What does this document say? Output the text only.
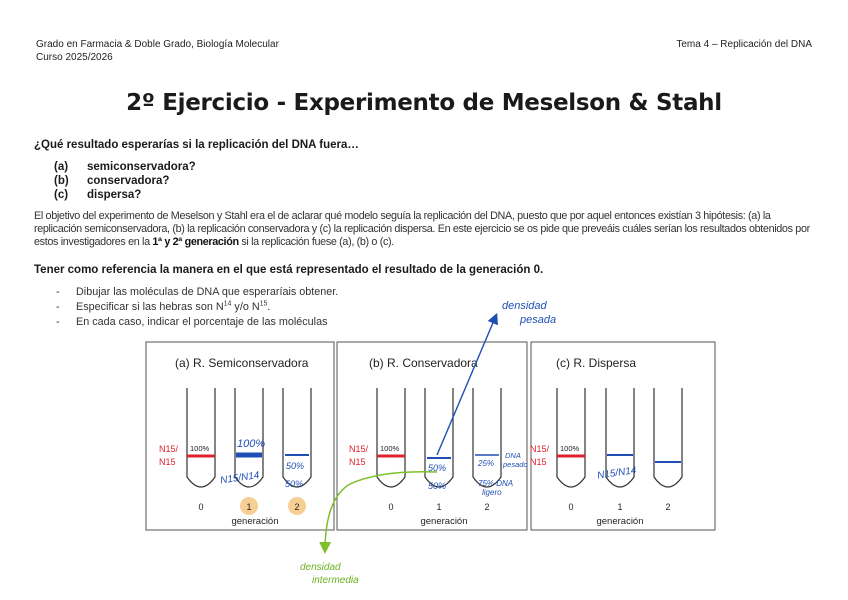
Grado en Farmacia & Doble Grado, Biología Molecular
Curso 2025/2026
Tema 4 – Replicación del DNA
2º Ejercicio - Experimento de Meselson & Stahl
¿Qué resultado esperarías si la replicación del DNA fuera…
(a) semiconservadora?
(b) conservadora?
(c) dispersa?
El objetivo del experimento de Meselson y Stahl era el de aclarar qué modelo seguía la replicación del DNA, puesto que por aquel entonces existían 3 hipótesis: (a) la replicación semiconservadora, (b) la replicación conservadora y (c) la replicación dispersa. En este ejercicio se os pide que preveáis cuáles serían los resultados obtenidos por estos investigadores en la 1ª y 2ª generación si la replicación fuese (a), (b) o (c).
Tener como referencia la manera en el que está representado el resultado de la generación 0.
- Dibujar las moléculas de DNA que esperaríais obtener.
- Especificar si las hebras son $N^{14}$ y/o $N^{15}$.
- En cada caso, indicar el porcentaje de las moléculas
(a) R. Semiconservadora	(b) R. Conservadora	(c) R. Dispersa
100%	100%	100%
N15/
N15
N15/
N15
N15/
N15
100%
N15/N14
50%
50%
50%
50%
25%
DNA
pesado
75% DNA
ligero
N15/N14
densidad
pesada
densidad
intermedia
0	1	2	0	1	2	0	1	2
generación	generación	generación
